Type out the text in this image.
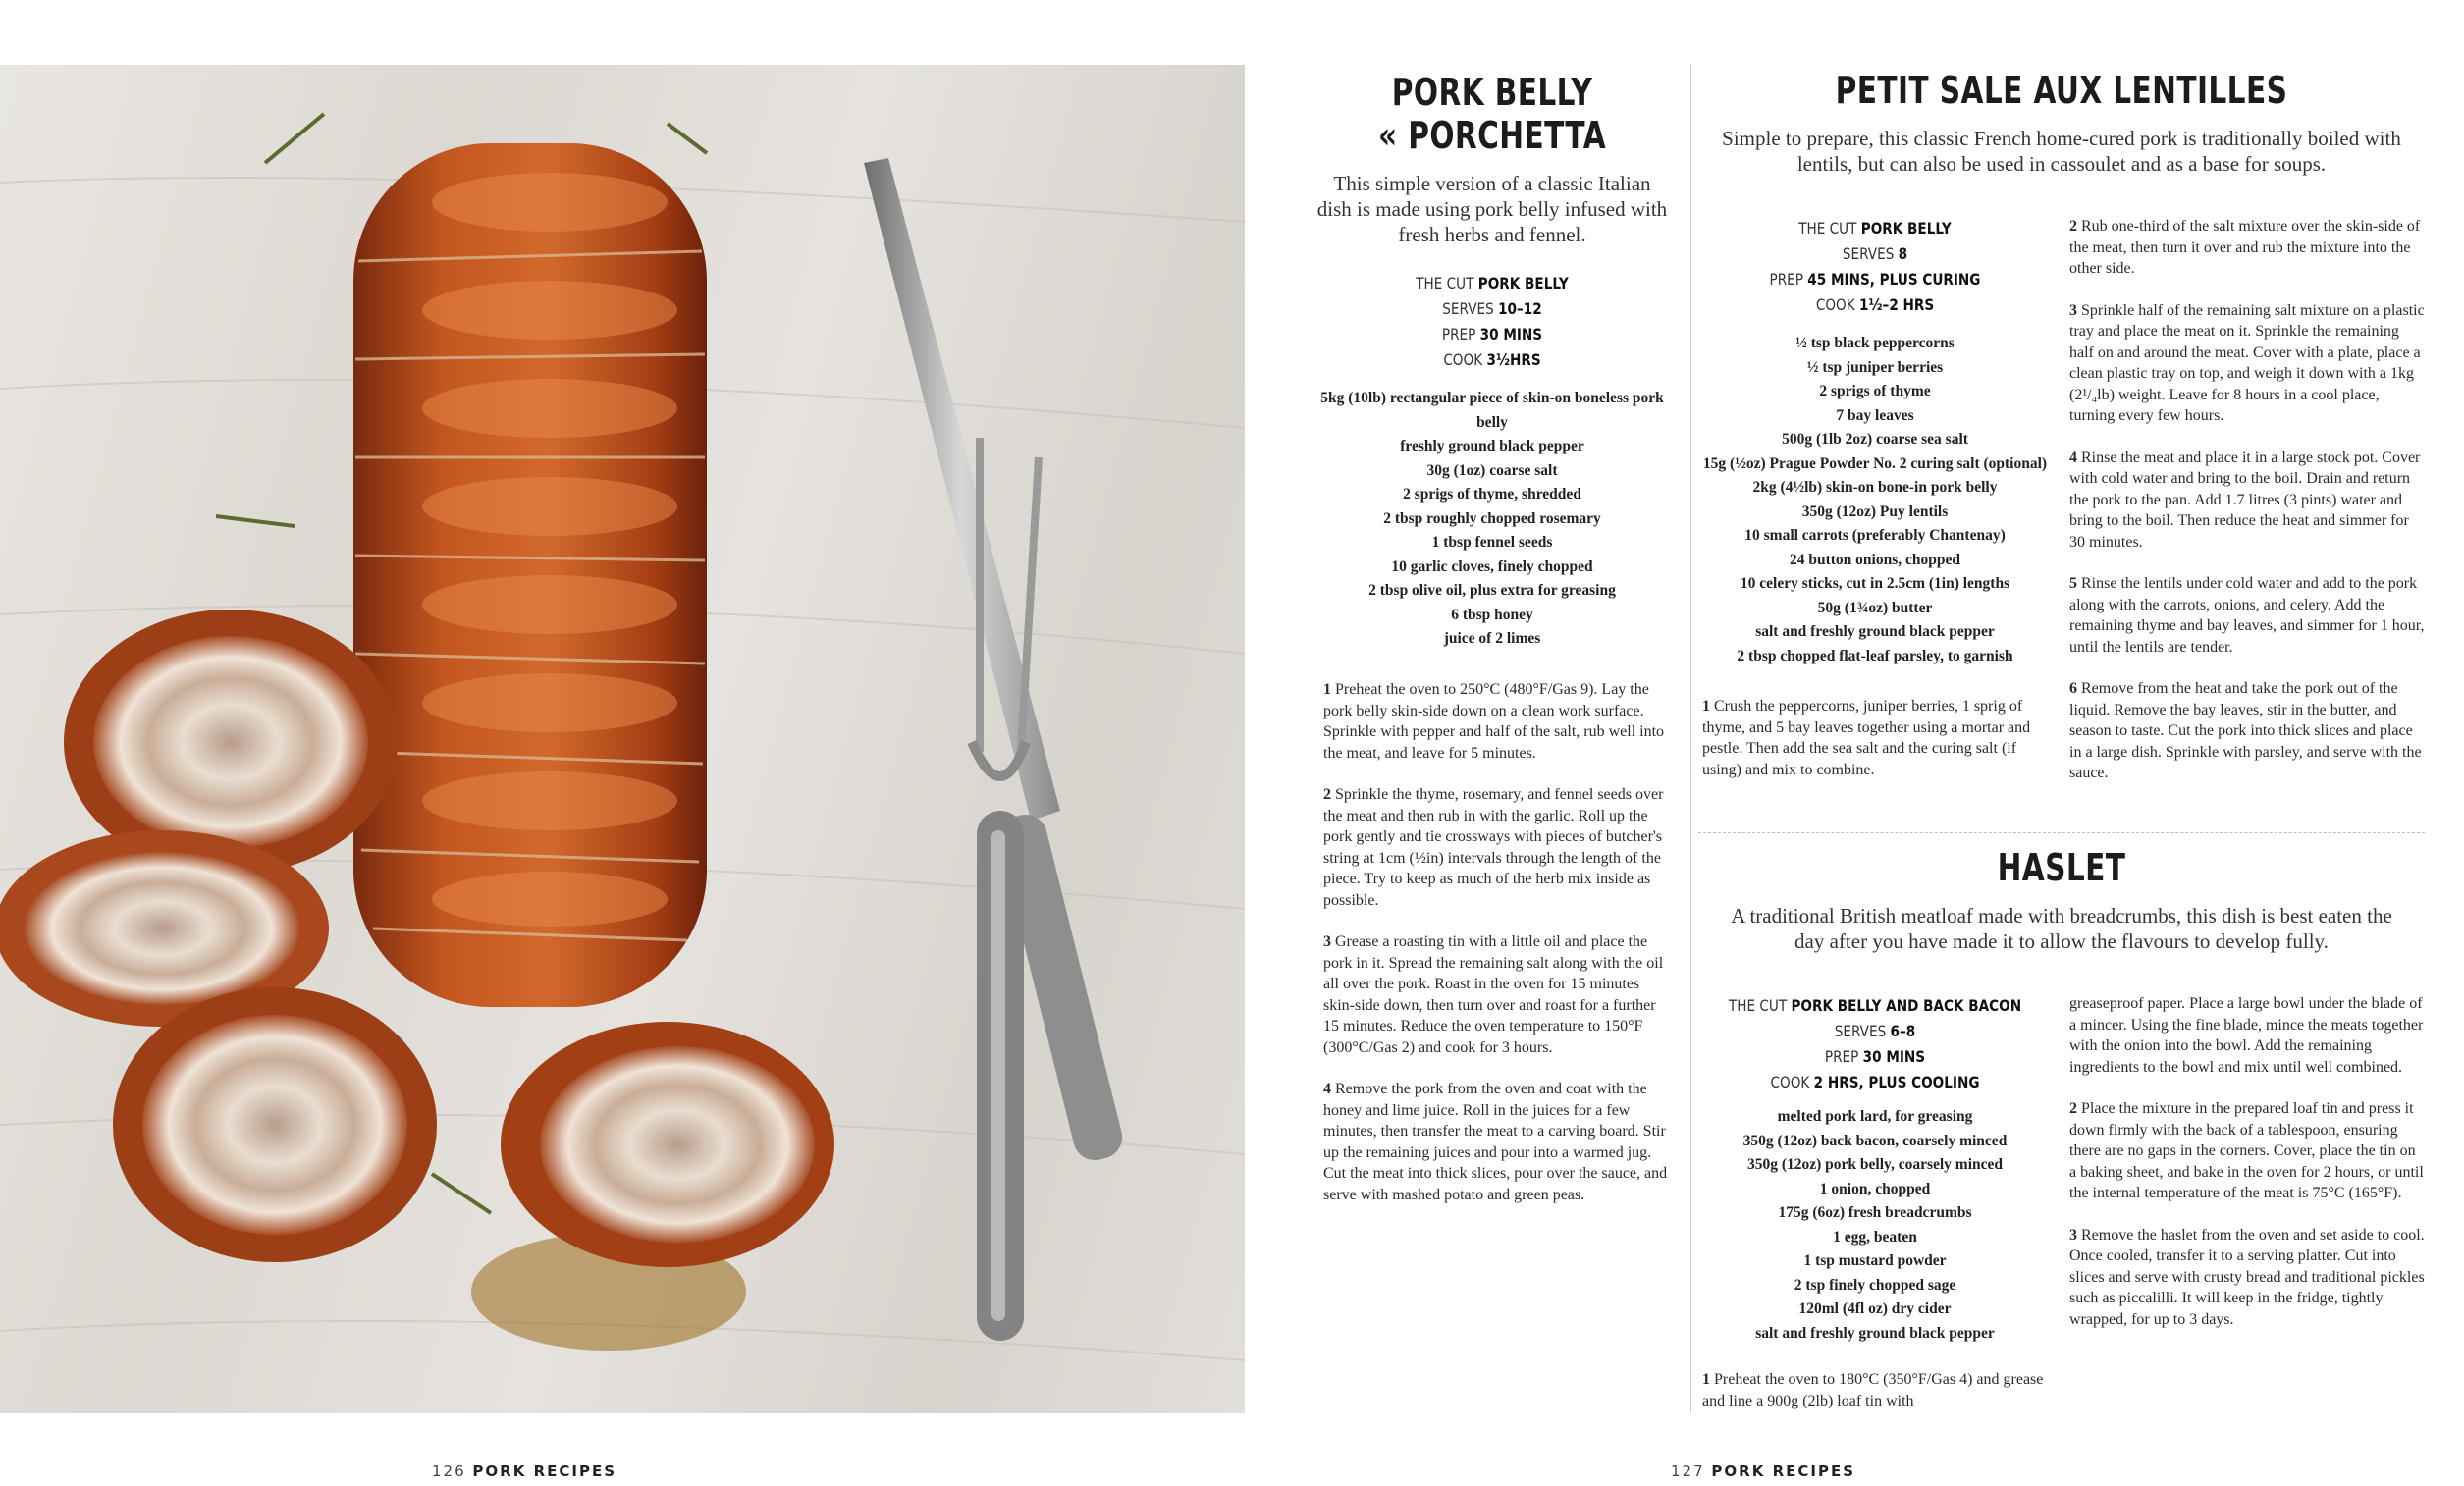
PORK BELLY
« PORCHETTA

This simple version of a classic Italian dish is made using pork belly infused with fresh herbs and fennel.

THE CUT PORK BELLY
SERVES 10–12
PREP 30 MINS
COOK 3½HRS
5kg (10lb) rectangular piece of skin-on boneless pork belly
freshly ground black pepper
30g (1oz) coarse salt
2 sprigs of thyme, shredded
2 tbsp roughly chopped rosemary
1 tbsp fennel seeds
10 garlic cloves, finely chopped
2 tbsp olive oil, plus extra for greasing
6 tbsp honey
juice of 2 limes

1 Preheat the oven to 250°C (480°F/Gas 9). Lay the pork belly skin-side down on a clean work surface. Sprinkle with pepper and half of the salt, rub well into the meat, and leave for 5 minutes.

2 Sprinkle the thyme, rosemary, and fennel seeds over the meat and then rub in with the garlic. Roll up the pork gently and tie crossways with pieces of butcher's string at 1cm (½in) intervals through the length of the piece. Try to keep as much of the herb mix inside as possible.

3 Grease a roasting tin with a little oil and place the pork in it. Spread the remaining salt along with the oil all over the pork. Roast in the oven for 15 minutes skin-side down, then turn over and roast for a further 15 minutes. Reduce the oven temperature to 150°F (300°C/Gas 2) and cook for 3 hours.

4 Remove the pork from the oven and coat with the honey and lime juice. Roll in the juices for a few minutes, then transfer the meat to a carving board. Stir up the remaining juices and pour into a warmed jug. Cut the meat into thick slices, pour over the sauce, and serve with mashed potato and green peas.

PETIT SALE AUX LENTILLES

Simple to prepare, this classic French home-cured pork is traditionally boiled with lentils, but can also be used in cassoulet and as a base for soups.

THE CUT PORK BELLY
SERVES 8
PREP 45 MINS, PLUS CURING
COOK 1½–2 HRS
½ tsp black peppercorns
½ tsp juniper berries
2 sprigs of thyme
7 bay leaves
500g (1lb 2oz) coarse sea salt
15g (½oz) Prague Powder No. 2 curing salt (optional)
2kg (4½lb) skin-on bone-in pork belly
350g (12oz) Puy lentils
10 small carrots (preferably Chantenay)
24 button onions, chopped
10 celery sticks, cut in 2.5cm (1in) lengths
50g (1¾oz) butter
salt and freshly ground black pepper
2 tbsp chopped flat-leaf parsley, to garnish

1 Crush the peppercorns, juniper berries, 1 sprig of thyme, and 5 bay leaves together using a mortar and pestle. Then add the sea salt and the curing salt (if using) and mix to combine.

2 Rub one-third of the salt mixture over the skin-side of the meat, then turn it over and rub the mixture into the other side.

3 Sprinkle half of the remaining salt mixture on a plastic tray and place the meat on it. Sprinkle the remaining half on and around the meat. Cover with a plate, place a clean plastic tray on top, and weigh it down with a 1kg (2¹/₄lb) weight. Leave for 8 hours in a cool place, turning every few hours.

4 Rinse the meat and place it in a large stock pot. Cover with cold water and bring to the boil. Drain and return the pork to the pan. Add 1.7 litres (3 pints) water and bring to the boil. Then reduce the heat and simmer for 30 minutes.

5 Rinse the lentils under cold water and add to the pork along with the carrots, onions, and celery. Add the remaining thyme and bay leaves, and simmer for 1 hour, until the lentils are tender.

6 Remove from the heat and take the pork out of the liquid. Remove the bay leaves, stir in the butter, and season to taste. Cut the pork into thick slices and place in a large dish. Sprinkle with parsley, and serve with the sauce.

HASLET

A traditional British meatloaf made with breadcrumbs, this dish is best eaten the day after you have made it to allow the flavours to develop fully.

THE CUT PORK BELLY AND BACK BACON
SERVES 6–8
PREP 30 MINS
COOK 2 HRS, PLUS COOLING
melted pork lard, for greasing
350g (12oz) back bacon, coarsely minced
350g (12oz) pork belly, coarsely minced
1 onion, chopped
175g (6oz) fresh breadcrumbs
1 egg, beaten
1 tsp mustard powder
2 tsp finely chopped sage
120ml (4fl oz) dry cider
salt and freshly ground black pepper

1 Preheat the oven to 180°C (350°F/Gas 4) and grease and line a 900g (2lb) loaf tin with

greaseproof paper. Place a large bowl under the blade of a mincer. Using the fine blade, mince the meats together with the onion into the bowl. Add the remaining ingredients to the bowl and mix until well combined.

2 Place the mixture in the prepared loaf tin and press it down firmly with the back of a tablespoon, ensuring there are no gaps in the corners. Cover, place the tin on a baking sheet, and bake in the oven for 2 hours, or until the internal temperature of the meat is 75°C (165°F).

3 Remove the haslet from the oven and set aside to cool. Once cooled, transfer it to a serving platter. Cut into slices and serve with crusty bread and traditional pickles such as piccalilli. It will keep in the fridge, tightly wrapped, for up to 3 days.

126 PORK RECIPES	127 PORK RECIPES
